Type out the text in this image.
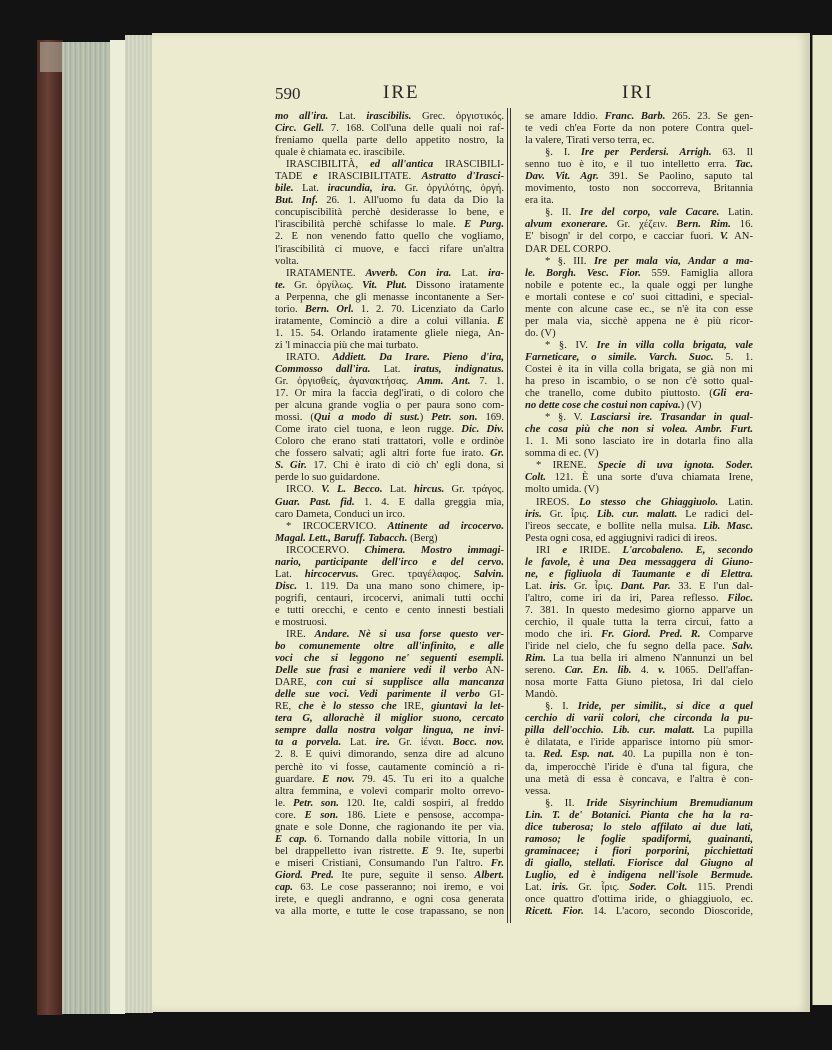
590	IRE	IRI
mo all'ira. Lat. irascibilis. Grec. ὀργιστικός.
Circ. Gell. 7. 168. Coll'una delle quali noi raf-
freniamo quella parte dello appetito nostro, la
quale è chiamata ec. irascibile.
IRASCIBILITÀ, ed all'antica IRASCIBILI-
TADE e IRASCIBILITATE. Astratto d'Irasci-
bile. Lat. iracundia, ira. Gr. ὀργιλότης, ὀργή.
But. Inf. 26. 1. All'uomo fu data da Dio la
concupiscibilità perchè desiderasse lo bene, e
l'irascibilità perchè schifasse lo male. E Purg.
2. E non venendo fatto quello che vogliamo,
l'irascibilità ci muove, e facci rifare un'altra
volta.
IRATAMENTE. Avverb. Con ira. Lat. ira-
te. Gr. ὀργίλως. Vit. Plut. Dissono iratamente
a Perpenna, che gli menasse incontanente a Ser-
torio. Bern. Orl. 1. 2. 70. Licenziato da Carlo
iratamente, Cominciò a dire a colui villania. E
1. 15. 54. Orlando iratamente gliele niega, An-
zi 'l minaccia più che mai turbato.
IRATO. Addiett. Da Irare. Pieno d'ira,
Commosso dall'ira. Lat. iratus, indignatus.
Gr. ὀργισθείς, ἀγανακτήσας. Amm. Ant. 7. 1.
17. Or mira la faccia degl'irati, o di coloro che
per alcuna grande voglia o per paura sono com-
mossi. (Qui a modo di sust.) Petr. son. 169.
Come irato ciel tuona, e leon rugge. Dic. Div.
Coloro che erano stati trattatori, volle e ordinòe
che fossero salvati; agli altri forte fue irato. Gr.
S. Gir. 17. Chi è irato di ciò ch' egli dona, sì
perde lo suo guidardone.
IRCO. V. L. Becco. Lat. hircus. Gr. τράγος.
Guar. Past. fid. 1. 4. E dalla greggia mia,
caro Dameta, Conduci un irco.
* IRCOCERVICO. Attinente ad ircocervo.
Magal. Lett., Baruff. Tabacch. (Berg)
IRCOCERVO. Chimera. Mostro immagi-
nario, participante dell'irco e del cervo.
Lat. hircocervus. Grec. τραγέλαφος. Salvin.
Disc. 1. 119. Da una mano sono chimere, ip-
pogrifi, centauri, ircocervi, animali tutti occhi
e tutti orecchi, e cento e cento innesti bestiali
e mostruosi.
IRE. Andare. Nè si usa forse questo ver-
bo comunemente oltre all'infinito, e alle
voci che si leggono ne' seguenti esempli.
Delle sue frasi e maniere vedi il verbo AN-
DARE, con cui si supplisce alla mancanza
delle sue voci. Vedi parimente il verbo GI-
RE, che è lo stesso che IRE, giuntavi la let-
tera G, allorachè il miglior suono, cercato
sempre dalla nostra volgar lingua, ne invi-
ta a porvela. Lat. ire. Gr. ἰέναι. Bocc. nov.
2. 8. E quivi dimorando, senza dire ad alcuno
perchè ito vi fosse, cautamente cominciò a ri-
guardare. E nov. 79. 45. Tu eri ito a qualche
altra femmina, e volevi comparir molto orrevo-
le. Petr. son. 120. Ite, caldi sospiri, al freddo
core. E son. 186. Liete e pensose, accompa-
gnate e sole Donne, che ragionando ite per via.
E cap. 6. Tornando dalla nobile vittoria, In un
bel drappelletto ivan ristrette. E 9. Ite, superbi
e miseri Cristiani, Consumando l'un l'altro. Fr.
Giord. Pred. Ite pure, seguite il senso. Albert.
cap. 63. Le cose passeranno; noi iremo, e voi
irete, e quegli andranno, e ogni cosa generata
va alla morte, e tutte le cose trapassano, se non
se amare Iddio. Franc. Barb. 265. 23. Se gen-
te vedi ch'ea Forte da non potere Contra quel-
la valere, Tirati verso terra, ec.
§. I. Ire per Perdersi. Arrigh. 63. Il
senno tuo è ito, e il tuo intelletto erra. Tac.
Dav. Vit. Agr. 391. Se Paolino, saputo tal
movimento, tosto non soccorreva, Britannia
era ita.
§. II. Ire del corpo, vale Cacare. Latin.
alvum exonerare. Gr. χέζειν. Bern. Rim. 16.
E' bisogn' ir del corpo, e cacciar fuori. V. AN-
DAR DEL CORPO.
* §. III. Ire per mala via, Andar a ma-
le. Borgh. Vesc. Fior. 559. Famiglia allora
nobile e potente ec., la quale oggi per lunghe
e mortali contese e co' suoi cittadini, e special-
mente con alcune case ec., se n'è ita con esse
per mala via, sicchè appena ne è più ricor-
do. (V)
* §. IV. Ire in villa colla brigata, vale
Farneticare, o simile. Varch. Suoc. 5. 1.
Costei è ita in villa colla brigata, se già non mi
ha preso in iscambio, o se non c'è sotto qual-
che tranello, come dubito piuttosto. (Gli era-
no dette cose che costui non capiva.) (V)
* §. V. Lasciarsi ire. Trasandar in qual-
che cosa più che non si volea. Ambr. Furt.
1. 1. Mi sono lasciato ire in dotarla fino alla
somma di ec. (V)
* IRENE. Specie di uva ignota. Soder.
Colt. 121. È una sorte d'uva chiamata Irene,
molto umida. (V)
IREOS. Lo stesso che Ghiaggiuolo. Latin.
iris. Gr. ἶρις. Lib. cur. malatt. Le radici del-
l'ireos seccate, e bollite nella mulsa. Lib. Masc.
Pesta ogni cosa, ed aggiugnivi radici di ireos.
IRI e IRIDE. L'arcobaleno. E, secondo
le favole, è una Dea messaggera di Giuno-
ne, e figliuola di Taumante e di Elettra.
Lat. iris. Gr. ἶρις. Dant. Par. 33. E l'un dal-
l'altro, come iri da iri, Parea reflesso. Filoc.
7. 381. In questo medesimo giorno apparve un
cerchio, il quale tutta la terra circuì, fatto a
modo che iri. Fr. Giord. Pred. R. Comparve
l'iride nel cielo, che fu segno della pace. Salv.
Rim. La tua bella iri almeno N'annunzi un bel
sereno. Car. En. lib. 4. v. 1065. Dell'affan-
nosa morte Fatta Giuno pietosa, Iri dal cielo
Mandò.
§. I. Iride, per similit., si dice a quel
cerchio di varii colori, che circonda la pu-
pilla dell'occhio. Lib. cur. malatt. La pupilla
è dilatata, e l'iride apparisce intorno più smor-
ta. Red. Esp. nat. 40. La pupilla non è ton-
da, imperocchè l'iride è d'una tal figura, che
una metà di essa è concava, e l'altra è con-
vessa.
§. II. Iride Sisyrinchium Bremudianum
Lin. T. de' Botanici. Pianta che ha la ra-
dice tuberosa; lo stelo affilato ai due lati,
ramoso; le foglie spadiformi, guainanti,
graminacee; i fiori porporini, picchiettati
di giallo, stellati. Fiorisce dal Giugno al
Luglio, ed è indigena nell'isole Bermude.
Lat. iris. Gr. ἶρις. Soder. Colt. 115. Prendi
once quattro d'ottima iride, o ghiaggiuolo, ec.
Ricett. Fior. 14. L'acoro, secondo Dioscoride,
